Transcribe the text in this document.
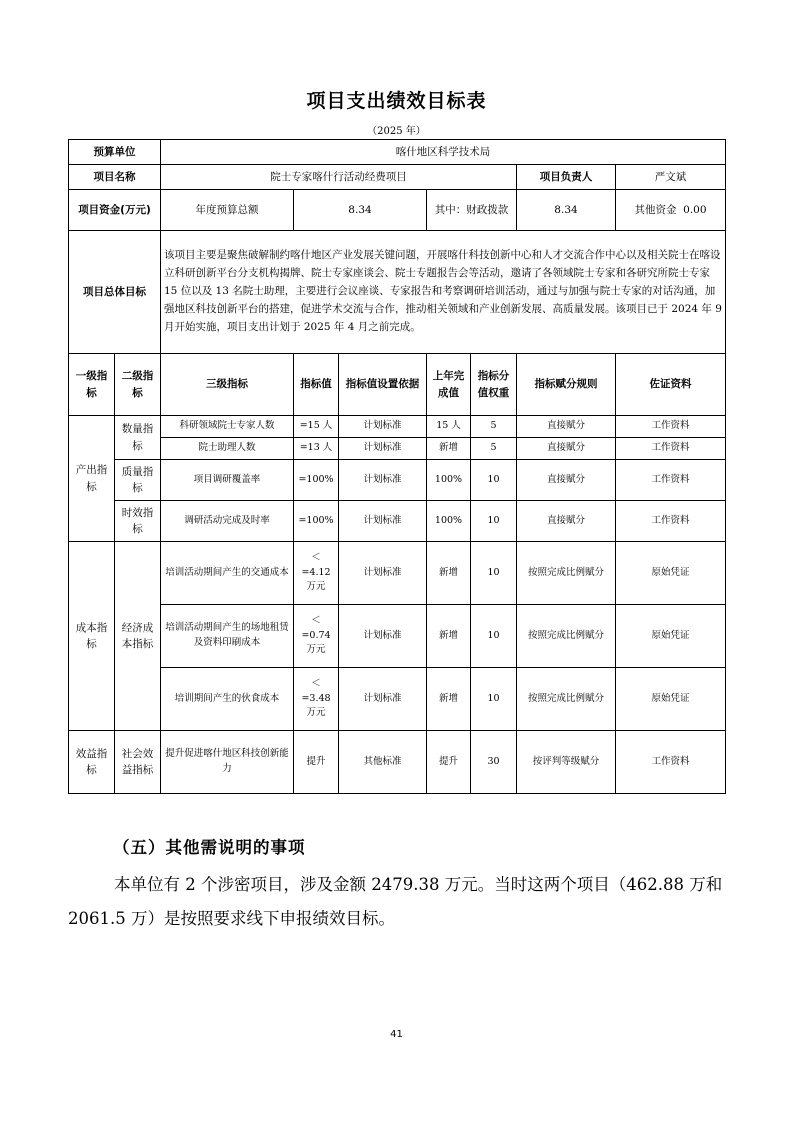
项目支出绩效目标表
（2025 年）
预算单位		喀什地区科学技术局						
项目名称		院士专家喀什行活动经费项目					项目负责人	严文斌
项目资金(万元)		年度预算总额	8.34		其中：财政拨款		8.34	其他资金 0.00
项目总体目标		该项目主要是聚焦破解制约喀什地区产业发展关键问题，开展喀什科技创新中心和人才交流合作中心以及相关院士在喀设立科研创新平台分支机构揭牌、院士专家座谈会、院士专题报告会等活动，邀请了各领域院士专家和各研究所院士专家 15 位以及 13 名院士助理，主要进行会议座谈、专家报告和考察调研培训活动，通过与加强与院士专家的对话沟通，加强地区科技创新平台的搭建，促进学术交流与合作，推动相关领域和产业创新发展、高质量发展。该项目已于 2024 年 9 月开始实施，项目支出计划于 2025 年 4 月之前完成。						
一级指标	二级指标	三级指标	指标值	指标值设置依据	上年完成值	指标分值权重	指标赋分规则	佐证资料
产出指标	数量指标	科研领域院士专家人数	=15 人	计划标准	15 人	5	直接赋分	工作资料
		院士助理人数	=13 人	计划标准	新增	5	直接赋分	工作资料
	质量指标	项目调研覆盖率	=100%	计划标准	100%	10	直接赋分	工作资料
	时效指标	调研活动完成及时率	=100%	计划标准	100%	10	直接赋分	工作资料
成本指标	经济成本指标	培训活动期间产生的交通成本	＜=4.12万元	计划标准	新增	10	按照完成比例赋分	原始凭证
		培训活动期间产生的场地租赁及资料印刷成本	＜=0.74万元	计划标准	新增	10	按照完成比例赋分	原始凭证
		培训期间产生的伙食成本	＜=3.48万元	计划标准	新增	10	按照完成比例赋分	原始凭证
效益指标	社会效益指标	提升促进喀什地区科技创新能力	提升	其他标准	提升	30	按评判等级赋分	工作资料
（五）其他需说明的事项
本单位有 2 个涉密项目，涉及金额 2479.38 万元。当时这两个项目（462.88 万和 2061.5 万）是按照要求线下申报绩效目标。
41
